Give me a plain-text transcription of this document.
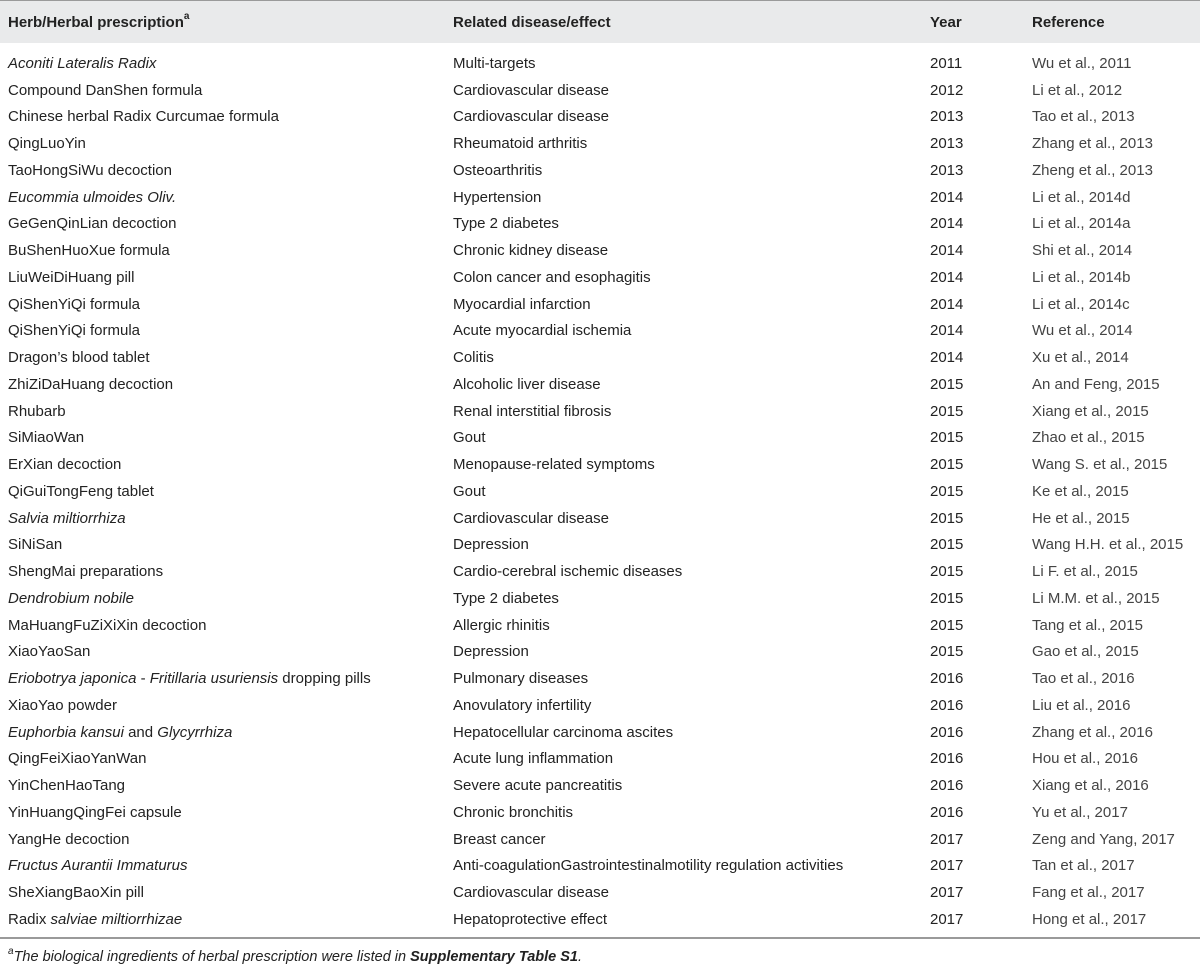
Herb/Herbal prescription$^a$	Related disease/effect	Year	Reference
Aconiti Lateralis Radix	Multi-targets	2011	Wu et al., 2011
Compound DanShen formula	Cardiovascular disease	2012	Li et al., 2012
Chinese herbal Radix Curcumae formula	Cardiovascular disease	2013	Tao et al., 2013
QingLuoYin	Rheumatoid arthritis	2013	Zhang et al., 2013
TaoHongSiWu decoction	Osteoarthritis	2013	Zheng et al., 2013
Eucommia ulmoides Oliv.	Hypertension	2014	Li et al., 2014d
GeGenQinLian decoction	Type 2 diabetes	2014	Li et al., 2014a
BuShenHuoXue formula	Chronic kidney disease	2014	Shi et al., 2014
LiuWeiDiHuang pill	Colon cancer and esophagitis	2014	Li et al., 2014b
QiShenYiQi formula	Myocardial infarction	2014	Li et al., 2014c
QiShenYiQi formula	Acute myocardial ischemia	2014	Wu et al., 2014
Dragon’s blood tablet	Colitis	2014	Xu et al., 2014
ZhiZiDaHuang decoction	Alcoholic liver disease	2015	An and Feng, 2015
Rhubarb	Renal interstitial fibrosis	2015	Xiang et al., 2015
SiMiaoWan	Gout	2015	Zhao et al., 2015
ErXian decoction	Menopause-related symptoms	2015	Wang S. et al., 2015
QiGuiTongFeng tablet	Gout	2015	Ke et al., 2015
Salvia miltiorrhiza	Cardiovascular disease	2015	He et al., 2015
SiNiSan	Depression	2015	Wang H.H. et al., 2015
ShengMai preparations	Cardio-cerebral ischemic diseases	2015	Li F. et al., 2015
Dendrobium nobile	Type 2 diabetes	2015	Li M.M. et al., 2015
MaHuangFuZiXiXin decoction	Allergic rhinitis	2015	Tang et al., 2015
XiaoYaoSan	Depression	2015	Gao et al., 2015
Eriobotrya japonica - Fritillaria usuriensis dropping pills	Pulmonary diseases	2016	Tao et al., 2016
XiaoYao powder	Anovulatory infertility	2016	Liu et al., 2016
Euphorbia kansui and Glycyrrhiza	Hepatocellular carcinoma ascites	2016	Zhang et al., 2016
QingFeiXiaoYanWan	Acute lung inflammation	2016	Hou et al., 2016
YinChenHaoTang	Severe acute pancreatitis	2016	Xiang et al., 2016
YinHuangQingFei capsule	Chronic bronchitis	2016	Yu et al., 2017
YangHe decoction	Breast cancer	2017	Zeng and Yang, 2017
Fructus Aurantii Immaturus	Anti-coagulationGastrointestinalmotility regulation activities	2017	Tan et al., 2017
SheXiangBaoXin pill	Cardiovascular disease	2017	Fang et al., 2017
Radix salviae miltiorrhizae	Hepatoprotective effect	2017	Hong et al., 2017
$^a$The biological ingredients of herbal prescription were listed in Supplementary Table S1.
